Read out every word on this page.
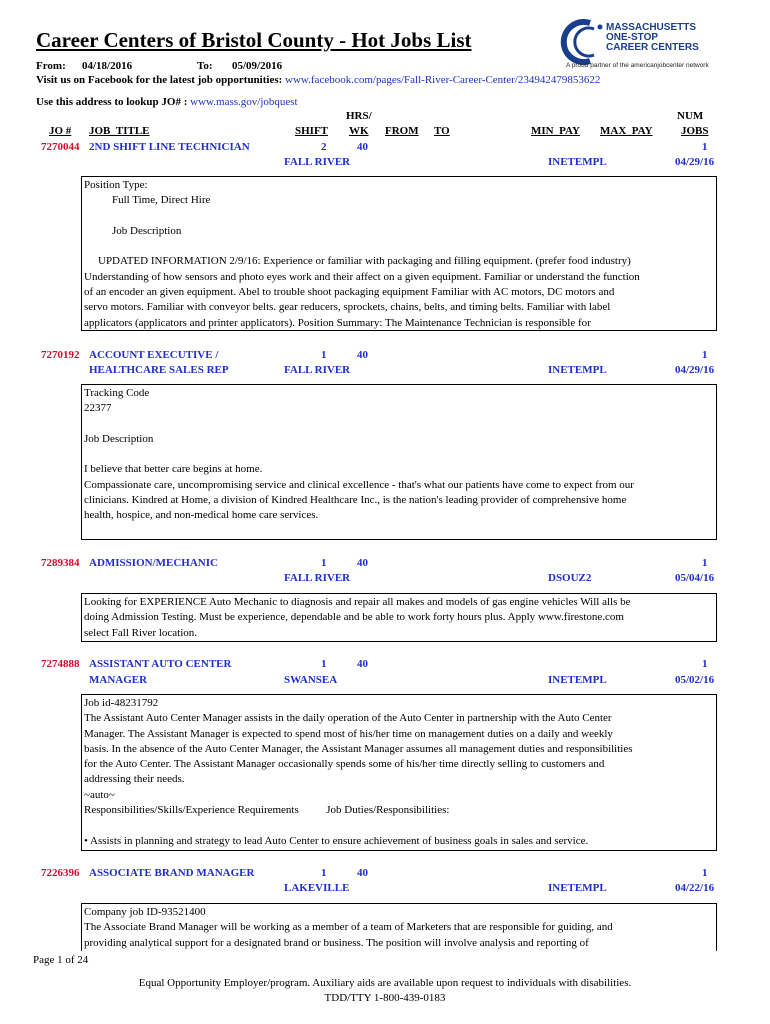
Career Centers of Bristol County - Hot Jobs List
MASSACHUSETTS
ONE-STOP
CAREER CENTERS
A proud partner of the americanjobcenter network
From: 04/18/2016	To: 05/09/2016
Visit us on Facebook for the latest job opportunities: www.facebook.com/pages/Fall-River-Career-Center/234942479853622
Use this address to lookup JO# : www.mass.gov/jobquest
HRS/	NUM
JO # JOB_TITLE	SHIFT WK FROM TO	MIN_PAY MAX_PAY	JOBS
7270044 2ND SHIFT LINE TECHNICIAN	2	40	1
FALL RIVER	INETEMPL	04/29/16

Position Type:

Full Time, Direct Hire

Job Description

UPDATED INFORMATION 2/9/16: Experience or familiar with packaging and filling equipment. (prefer food industry)

Understanding of how sensors and photo eyes work and their affect on a given equipment. Familiar or understand the function

of an encoder an given equipment. Abel to trouble shoot packaging equipment Familiar with AC motors, DC motors and

servo motors. Familiar with conveyor belts. gear reducers, sprockets, chains, belts, and timing belts. Familiar with label

applicators (applicators and printer applicators). Position Summary: The Maintenance Technician is responsible for

7270192 ACCOUNT EXECUTIVE /
HEALTHCARE SALES REP
1	40	1
FALL RIVER	INETEMPL	04/29/16

Tracking Code

22377

Job Description

I believe that better care begins at home.

Compassionate care, uncompromising service and clinical excellence - that's what our patients have come to expect from our

clinicians. Kindred at Home, a division of Kindred Healthcare Inc., is the nation's leading provider of comprehensive home

health, hospice, and non-medical home care services.

7289384 ADMISSION/MECHANIC	1	40	1
FALL RIVER	DSOUZ2	05/04/16

Looking for EXPERIENCE Auto Mechanic to diagnosis and repair all makes and models of gas engine vehicles Will alls be

doing Admission Testing. Must be experience, dependable and be able to work forty hours plus. Apply www.firestone.com

select Fall River location.

7274888 ASSISTANT AUTO CENTER
MANAGER
1	40	1
SWANSEA	INETEMPL	05/02/16

Job id-48231792

The Assistant Auto Center Manager assists in the daily operation of the Auto Center in partnership with the Auto Center

Manager. The Assistant Manager is expected to spend most of his/her time on management duties on a daily and weekly

basis. In the absence of the Auto Center Manager, the Assistant Manager assumes all management duties and responsibilities

for the Auto Center. The Assistant Manager occasionally spends some of his/her time directly selling to customers and

addressing their needs.

~auto~

Responsibilities/Skills/Experience Requirements          Job Duties/Responsibilities:

• Assists in planning and strategy to lead Auto Center to ensure achievement of business goals in sales and service.

7226396 ASSOCIATE BRAND MANAGER	1	40	1
LAKEVILLE	INETEMPL	04/22/16

Company job ID-93521400

The Associate Brand Manager will be working as a member of a team of Marketers that are responsible for guiding, and

providing analytical support for a designated brand or business. The position will involve analysis and reporting of

Page 1 of 24
Equal Opportunity Employer/program. Auxiliary aids are available upon request to individuals with disabilities.
TDD/TTY 1-800-439-0183
